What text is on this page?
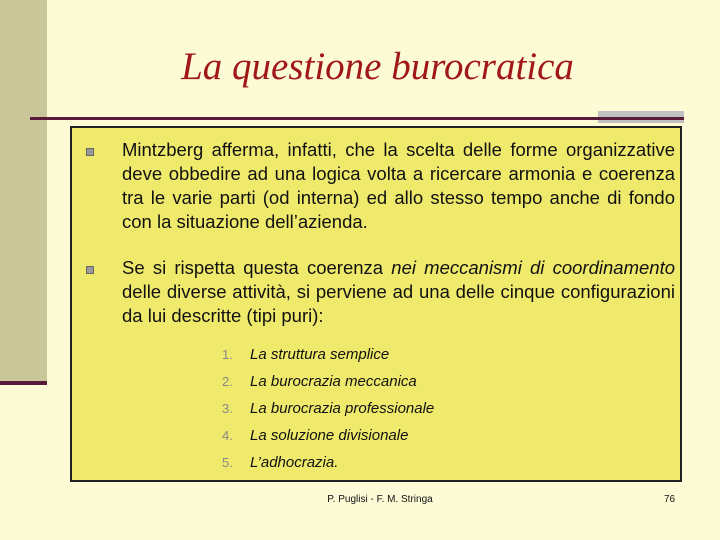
La questione burocratica

Mintzberg afferma, infatti, che la scelta delle forme organizzative deve obbedire ad una logica volta a ricercare armonia e coerenza tra le varie parti (od interna) ed allo stesso tempo anche di fondo con la situazione dell’azienda.

Se si rispetta questa coerenza nei meccanismi di coordinamento delle diverse attività, si perviene ad una delle cinque configurazioni da lui descritte (tipi puri):

1. La struttura semplice
2. La burocrazia meccanica
3. La burocrazia professionale
4. La soluzione divisionale
5. L’adhocrazia.
P. Puglisi - F. M. Stringa	76
